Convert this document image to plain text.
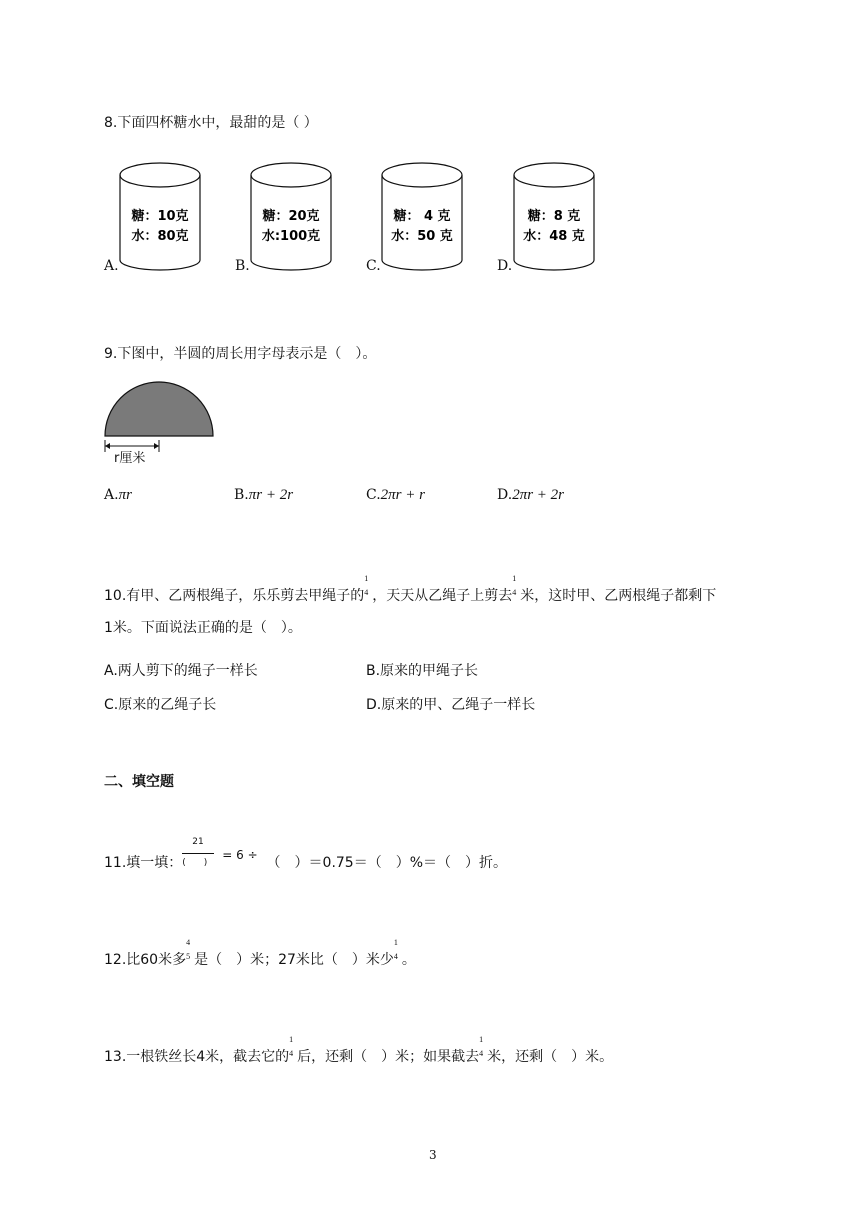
8.下面四杯糖水中，最甜的是（ ）
糖：10克
水：80克
糖：20克
水:100克
糖： 4 克
水：50 克
糖：8 克
水：48 克
A.	B.	C.	D.
9.下图中，半圆的周长用字母表示是（　）。
r厘米
A.πr	B.πr + 2r	C.2πr + r	D.2πr + 2r
10.有甲、乙两根绳子，乐乐剪去甲绳子的
1
4 ，天天从乙绳子上剪去
1
4 米，这时甲、乙两根绳子都剩下
1米。下面说法正确的是（　）。
A.两人剪下的绳子一样长	B.原来的甲绳子长
C.原来的乙绳子长	D.原来的甲、乙绳子一样长
二、填空题
11.填一填：
21
(　　)
= 6 ÷ （　）＝0.75＝（　）%＝（　）折。
12.比60米多
4
5 是（　）米；27米比（　）米少
1
4 。
13.一根铁丝长4米，截去它的
1
4 后，还剩（　）米；如果截去
1
4 米，还剩（　）米。
3
